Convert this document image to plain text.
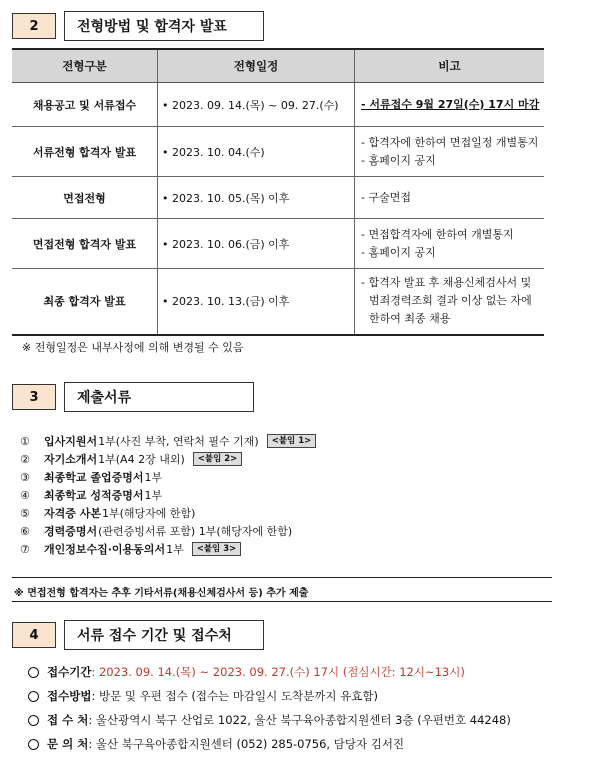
2	전형방법 및 합격자 발표
전형구분	전형일정	비고
채용공고 및 서류접수	• 2023. 09. 14.(목) ~ 09. 27.(수)	- 서류접수 9월 27일(수) 17시 마감

서류전형 합격자 발표	• 2023. 10. 04.(수)	- 합격자에 한하여 면접일정 개별통지
- 홈페이지 공지

면접전형	• 2023. 10. 05.(목) 이후	- 구술면접

면접전형 합격자 발표	• 2023. 10. 06.(금) 이후	- 면접합격자에 한하여 개별통지
- 홈페이지 공지

최종 합격자 발표	• 2023. 10. 13.(금) 이후	- 합격자 발표 후 채용신체검사서 및
범죄경력조회 결과 이상 없는 자에
한하여 최종 채용
※ 전형일정은 내부사정에 의해 변경될 수 있음
3	제출서류
①	입사지원서 1부(사진 부착, 연락처 필수 기재)	<붙임 1>
②	자기소개서 1부(A4 2장 내외)	<붙임 2>
③	최종학교 졸업증명서 1부
④	최종학교 성적증명서 1부
⑤	자격증 사본 1부(해당자에 한함)
⑥	경력증명서 (관련증빙서류 포함) 1부(해당자에 한함)
⑦	개인정보수집·이용동의서 1부	<붙임 3>
※ 면접전형 합격자는 추후 기타서류(채용신체검사서 등) 추가 제출
4	서류 접수 기간 및 접수처
접수기간 : 2023. 09. 14.(목) ~ 2023. 09. 27.(수) 17시 (점심시간: 12시~13시)
접수방법 : 방문 및 우편 접수 (접수는 마감일시 도착분까지 유효함)
접 수 처 : 울산광역시 북구 산업로 1022, 울산 북구육아종합지원센터 3층 (우편번호 44248)
문 의 처 : 울산 북구육아종합지원센터 (052) 285-0756, 담당자 김서진
